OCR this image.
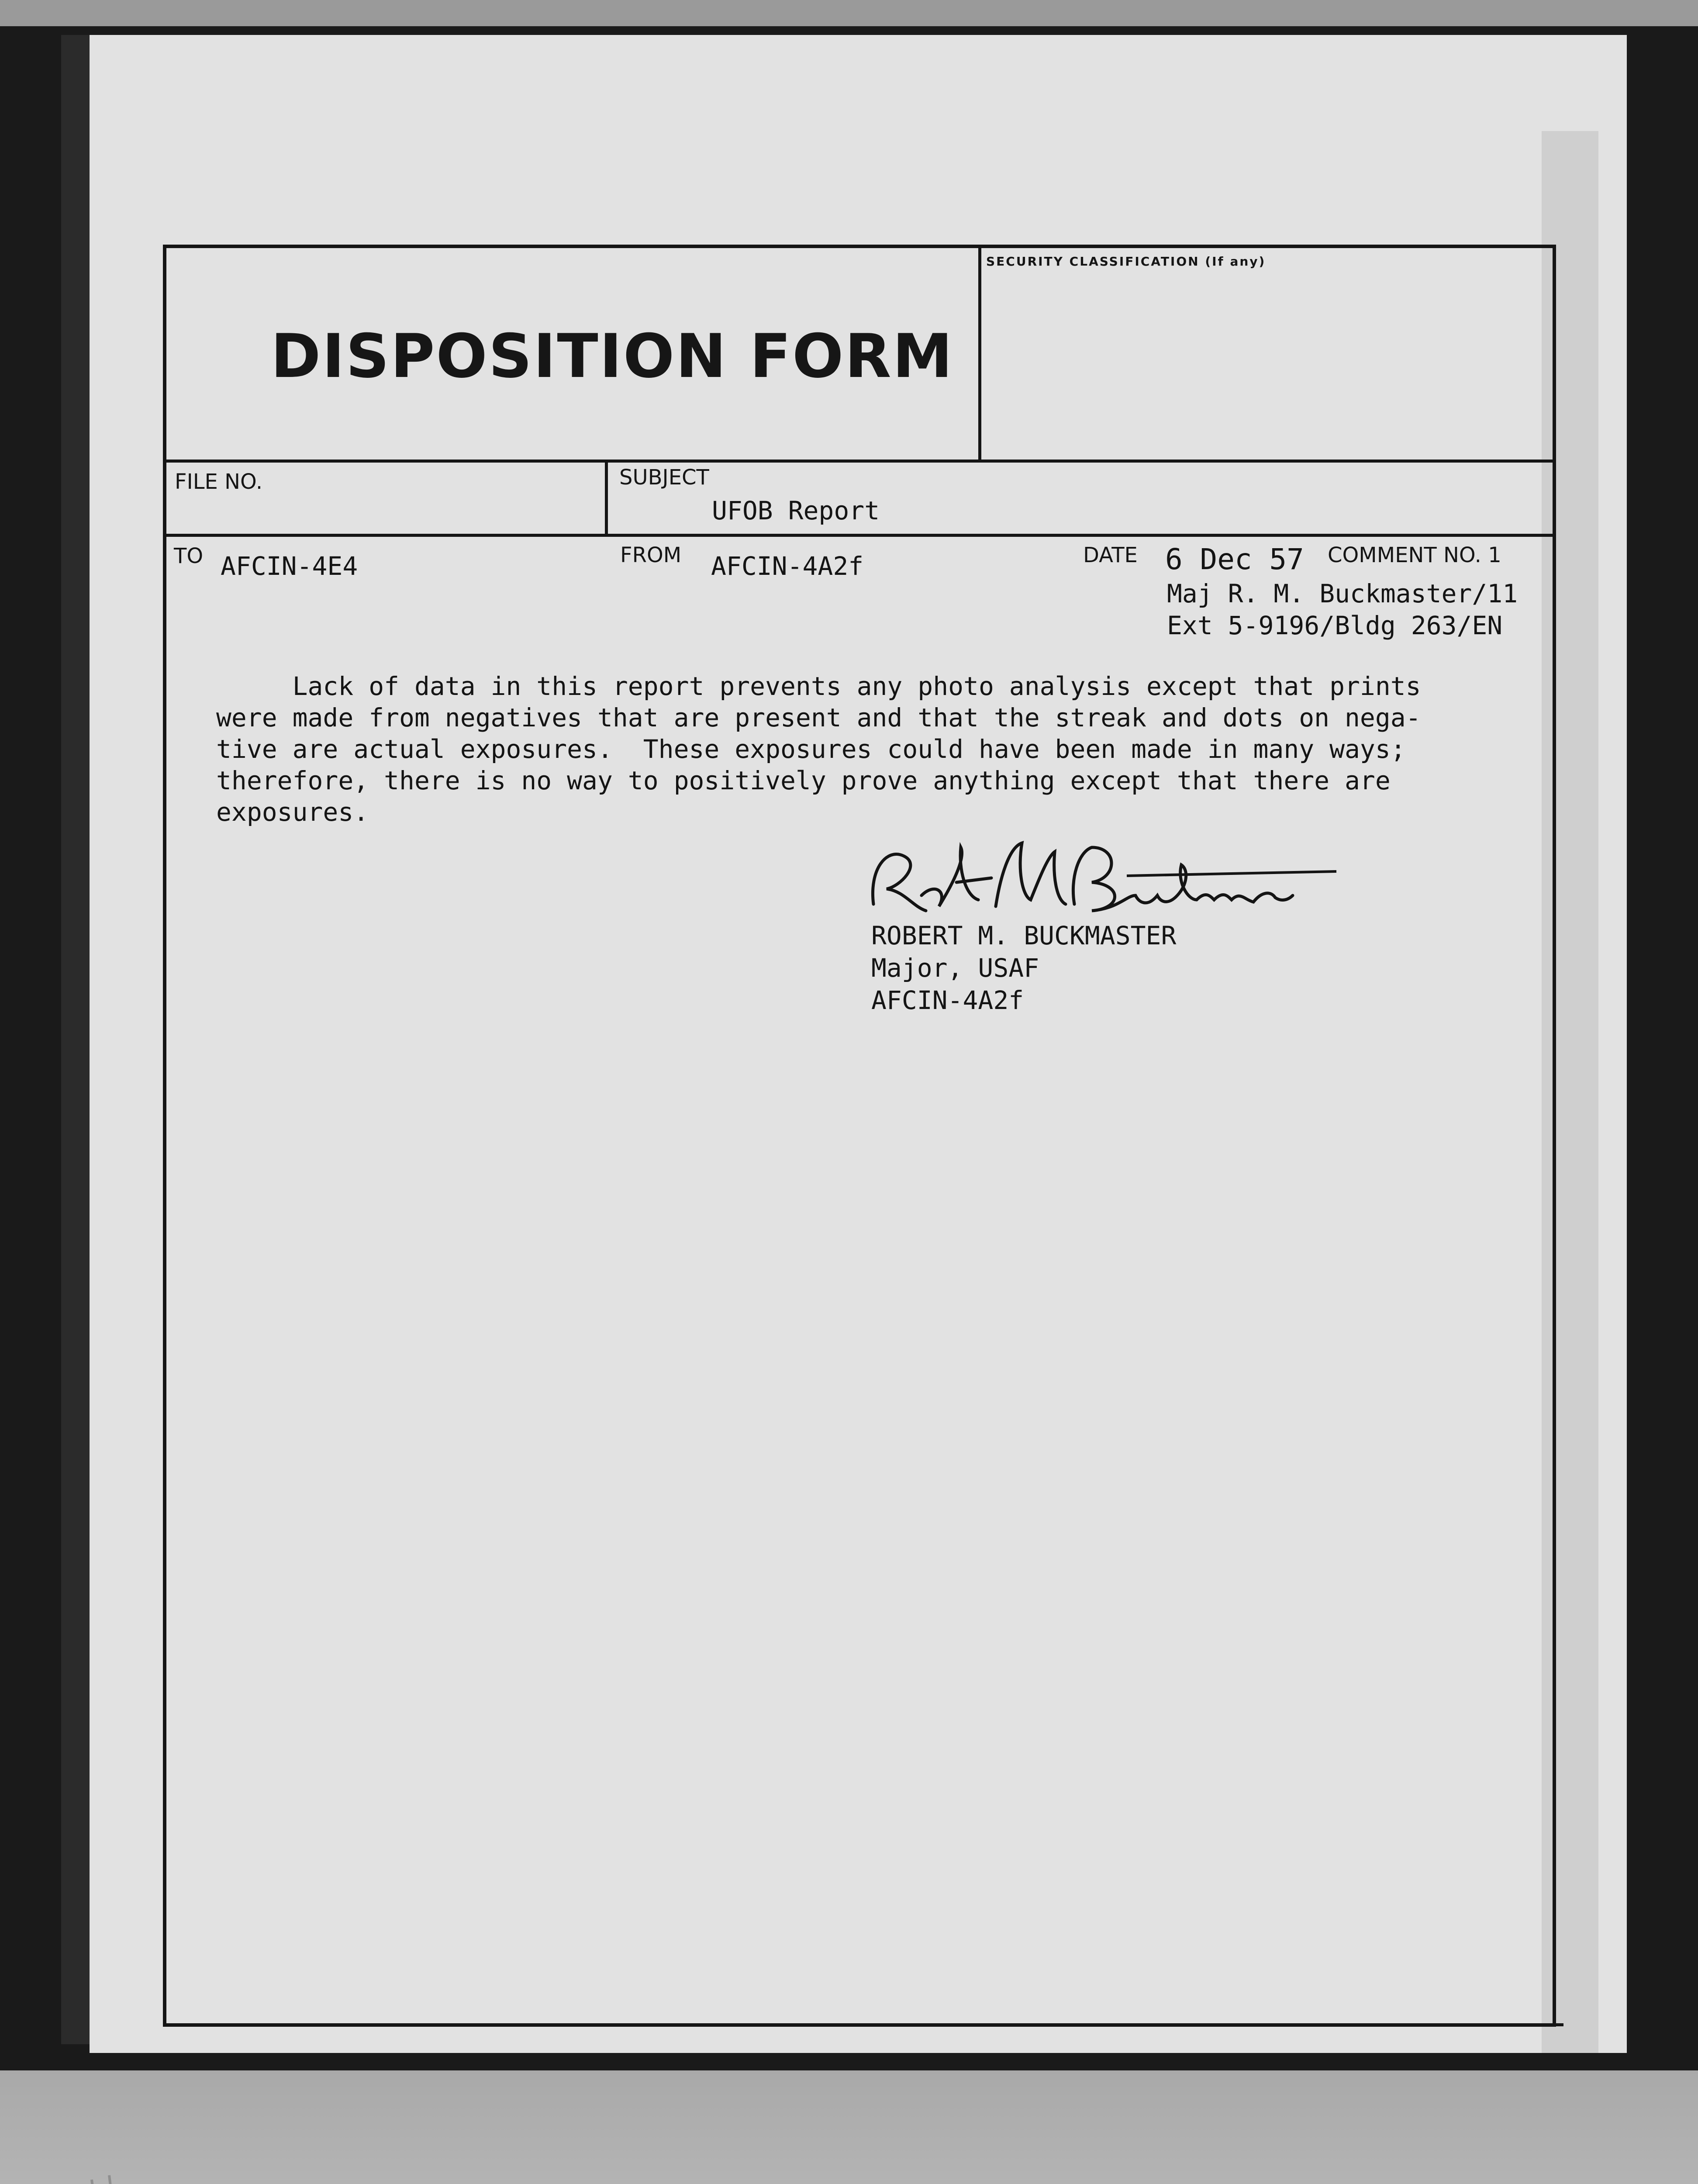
DISPOSITION FORM
SECURITY CLASSIFICATION (If any)
FILE NO.	SUBJECT
UFOB Report
TO AFCIN-4E4	FROM AFCIN-4A2f	DATE 6 Dec 57 COMMENT NO. 1
Maj R. M. Buckmaster/11
Ext 5-9196/Bldg 263/EN
Lack of data in this report prevents any photo analysis except that prints
were made from negatives that are present and that the streak and dots on nega-
tive are actual exposures.  These exposures could have been made in many ways;
therefore, there is no way to positively prove anything except that there are
exposures.
ROBERT M. BUCKMASTER
Major, USAF
AFCIN-4A2f
